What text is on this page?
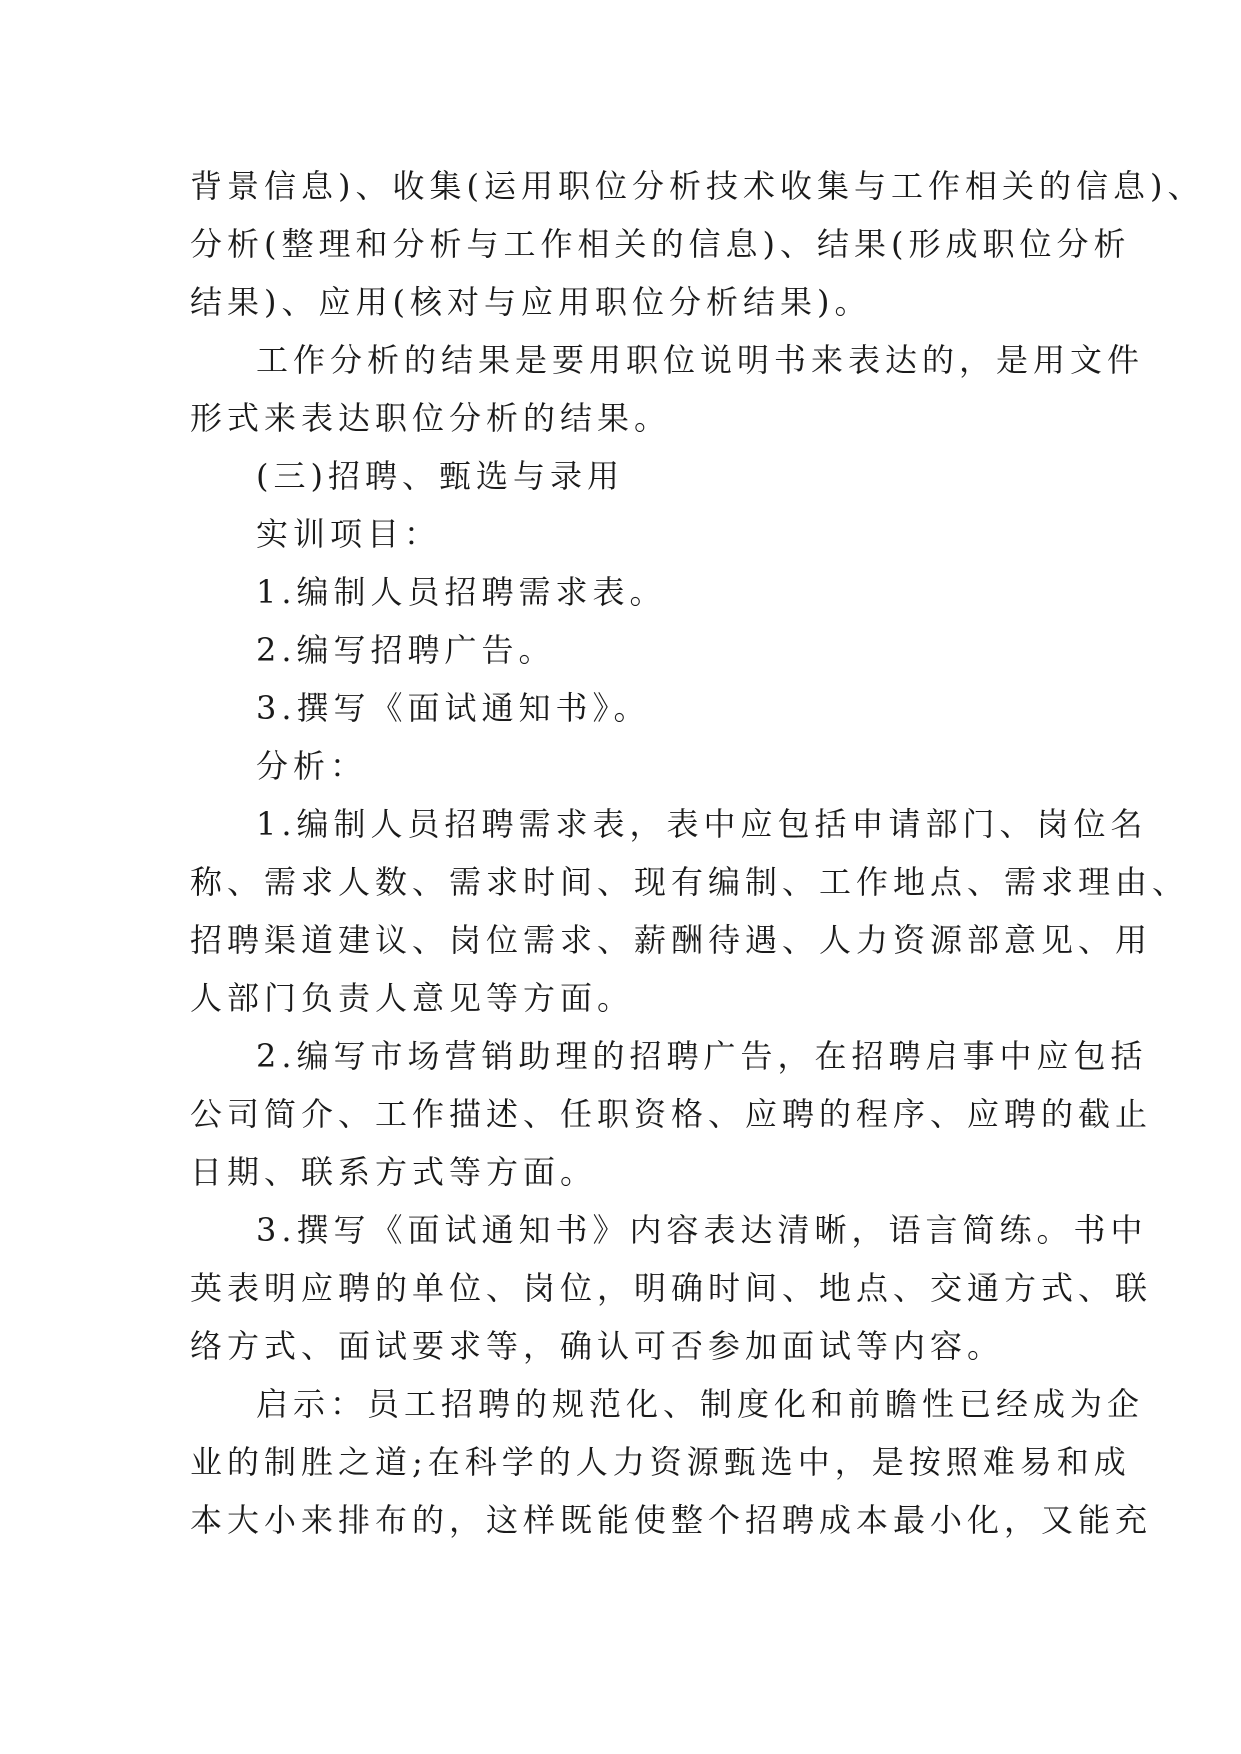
背景信息)、收集(运用职位分析技术收集与工作相关的信息)、
分析(整理和分析与工作相关的信息)、结果(形成职位分析
结果)、应用(核对与应用职位分析结果)。
工作分析的结果是要用职位说明书来表达的，是用文件
形式来表达职位分析的结果。
(三)招聘、甄选与录用
实训项目：
1.编制人员招聘需求表。
2.编写招聘广告。
3.撰写《面试通知书》。
分析：
1.编制人员招聘需求表，表中应包括申请部门、岗位名
称、需求人数、需求时间、现有编制、工作地点、需求理由、
招聘渠道建议、岗位需求、薪酬待遇、人力资源部意见、用
人部门负责人意见等方面。
2.编写市场营销助理的招聘广告，在招聘启事中应包括
公司简介、工作描述、任职资格、应聘的程序、应聘的截止
日期、联系方式等方面。
3.撰写《面试通知书》内容表达清晰，语言简练。书中
英表明应聘的单位、岗位，明确时间、地点、交通方式、联
络方式、面试要求等，确认可否参加面试等内容。
启示：员工招聘的规范化、制度化和前瞻性已经成为企
业的制胜之道;在科学的人力资源甄选中，是按照难易和成
本大小来排布的，这样既能使整个招聘成本最小化，又能充
